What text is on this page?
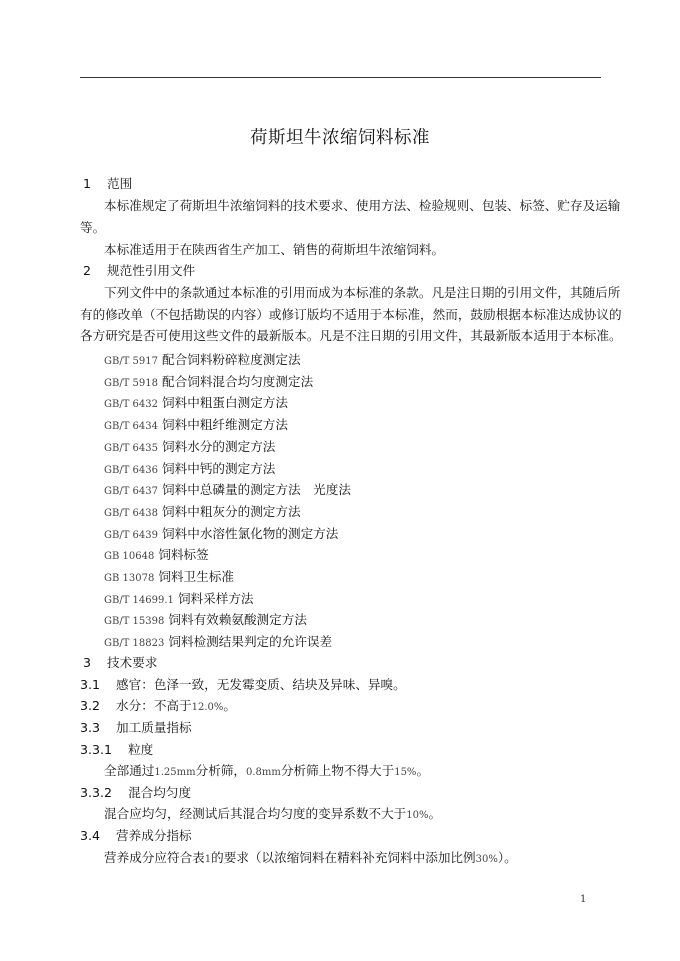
荷斯坦牛浓缩饲料标准
1 范围
本标准规定了荷斯坦牛浓缩饲料的技术要求、使用方法、检验规则、包装、标签、贮存及运输
等。
本标准适用于在陕西省生产加工、销售的荷斯坦牛浓缩饲料。
2 规范性引用文件
下列文件中的条款通过本标准的引用而成为本标准的条款。凡是注日期的引用文件，其随后所
有的修改单（不包括勘误的内容）或修订版均不适用于本标准，然而，鼓励根据本标准达成协议的
各方研究是否可使用这些文件的最新版本。凡是不注日期的引用文件，其最新版本适用于本标准。
GB/T 5917 配合饲料粉碎粒度测定法
GB/T 5918 配合饲料混合均匀度测定法
GB/T 6432 饲料中粗蛋白测定方法
GB/T 6434 饲料中粗纤维测定方法
GB/T 6435 饲料水分的测定方法
GB/T 6436 饲料中钙的测定方法
GB/T 6437 饲料中总磷量的测定方法　光度法
GB/T 6438 饲料中粗灰分的测定方法
GB/T 6439 饲料中水溶性氯化物的测定方法
GB 10648 饲料标签
GB 13078 饲料卫生标准
GB/T 14699.1 饲料采样方法
GB/T 15398 饲料有效赖氨酸测定方法
GB/T 18823 饲料检测结果判定的允许误差
3 技术要求
3.1 感官：色泽一致，无发霉变质、结块及异味、异嗅。
3.2 水分：不高于12.0%。
3.3 加工质量指标
3.3.1 粒度
全部通过1.25mm分析筛，0.8mm分析筛上物不得大于15%。
3.3.2 混合均匀度
混合应均匀，经测试后其混合均匀度的变异系数不大于10%。
3.4 营养成分指标
营养成分应符合表1的要求（以浓缩饲料在精料补充饲料中添加比例30%）。
1
